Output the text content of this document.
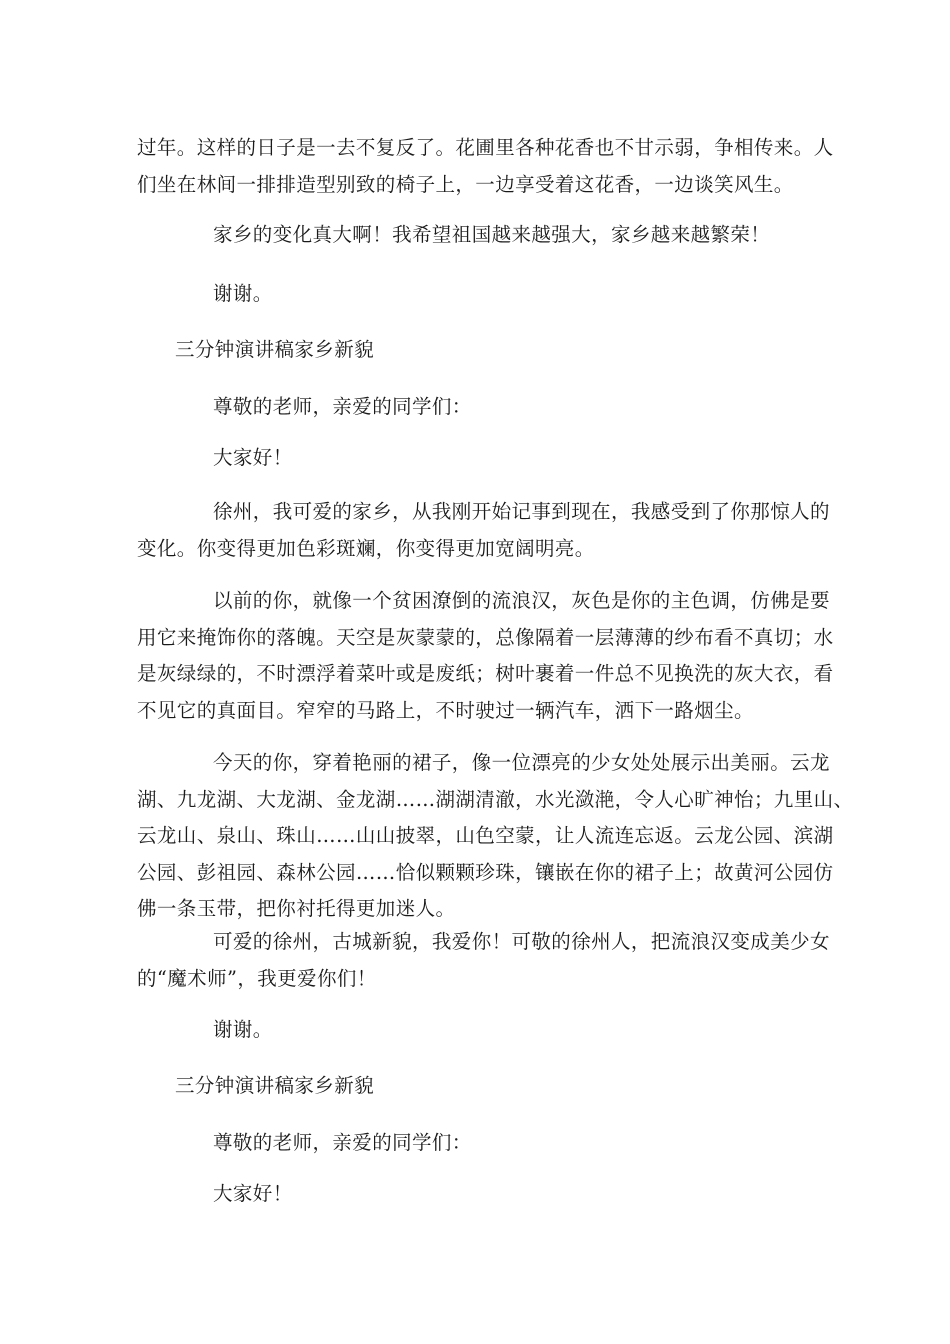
过年。这样的日子是一去不复反了。花圃里各种花香也不甘示弱，争相传来。人
们坐在林间一排排造型别致的椅子上，一边享受着这花香，一边谈笑风生。
家乡的变化真大啊！我希望祖国越来越强大，家乡越来越繁荣！
谢谢。
三分钟演讲稿家乡新貌
尊敬的老师，亲爱的同学们：
大家好！
徐州，我可爱的家乡，从我刚开始记事到现在，我感受到了你那惊人的
变化。你变得更加色彩斑斓，你变得更加宽阔明亮。
以前的你，就像一个贫困潦倒的流浪汉，灰色是你的主色调，仿佛是要
用它来掩饰你的落魄。天空是灰蒙蒙的，总像隔着一层薄薄的纱布看不真切；水
是灰绿绿的，不时漂浮着菜叶或是废纸；树叶裹着一件总不见换洗的灰大衣，看
不见它的真面目。窄窄的马路上，不时驶过一辆汽车，洒下一路烟尘。
今天的你，穿着艳丽的裙子，像一位漂亮的少女处处展示出美丽。云龙
湖、九龙湖、大龙湖、金龙湖……湖湖清澈，水光潋滟，令人心旷神怡；九里山、
云龙山、泉山、珠山……山山披翠，山色空蒙，让人流连忘返。云龙公园、滨湖
公园、彭祖园、森林公园……恰似颗颗珍珠，镶嵌在你的裙子上；故黄河公园仿
佛一条玉带，把你衬托得更加迷人。
可爱的徐州，古城新貌，我爱你！可敬的徐州人，把流浪汉变成美少女
的“魔术师”，我更爱你们！
谢谢。
三分钟演讲稿家乡新貌
尊敬的老师，亲爱的同学们：
大家好！
